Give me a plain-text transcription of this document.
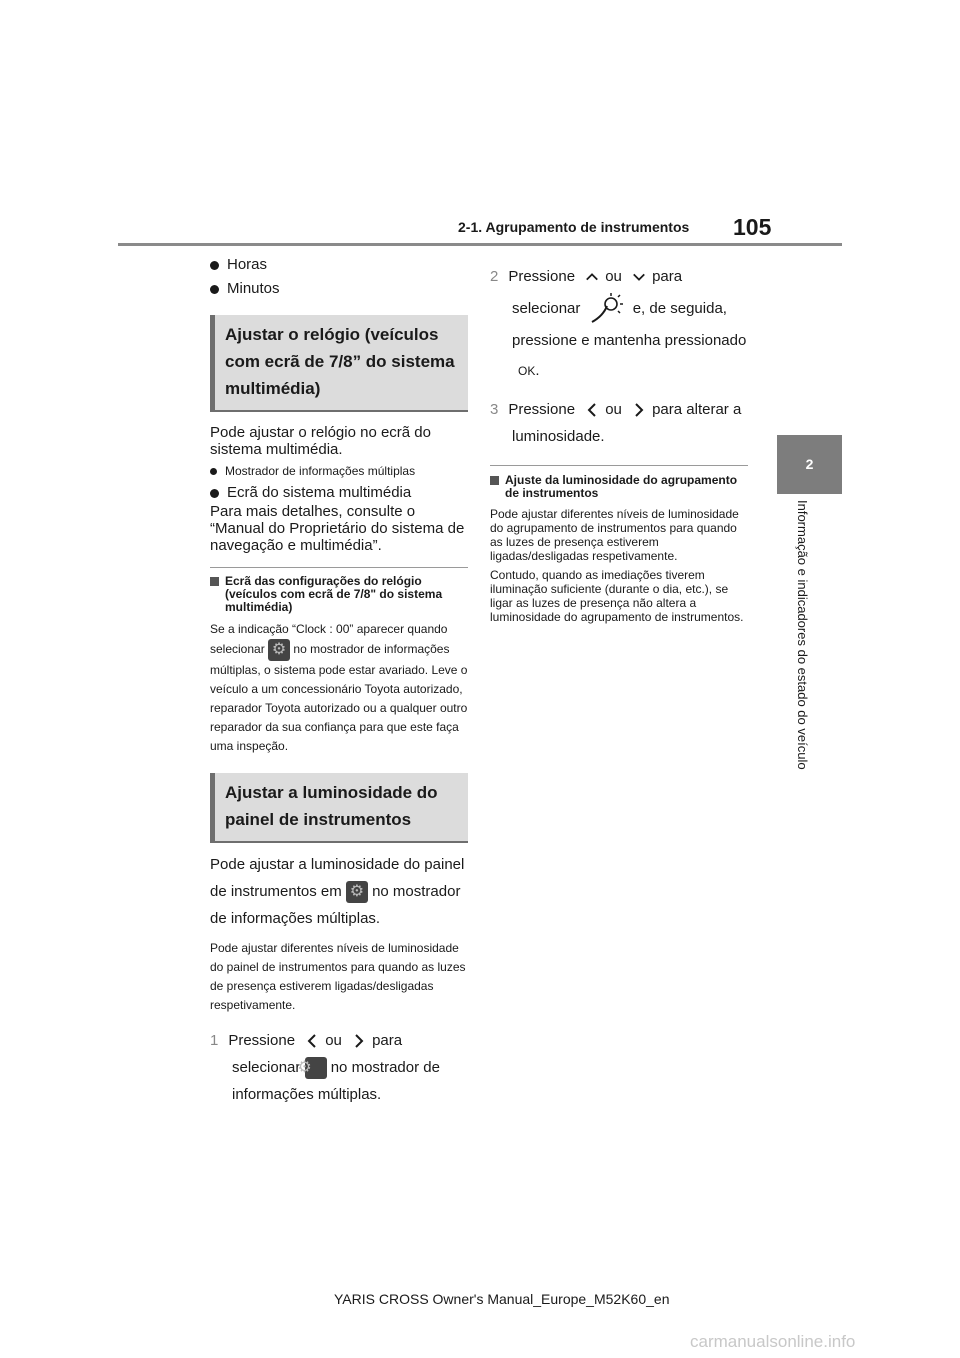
2-1. Agrupamento de instrumentos 105
2
Informação e indicadores do estado do veículo
Horas
Minutos
Ajustar o relógio (veículos com ecrã de 7/8” do sistema multimédia)
Pode ajustar o relógio no ecrã do sistema multimédia.
Mostrador de informações múltiplas
Ecrã do sistema multimédia
Para mais detalhes, consulte o “Manual do Proprietário do sistema de navegação e multimédia”.
Ecrã das configurações do relógio (veículos com ecrã de 7/8" do sistema multimédia)
Se a indicação “Clock : 00” aparecer quando selecionar ⚙ no mostrador de informações múltiplas, o sistema pode estar avariado. Leve o veículo a um concessionário Toyota autorizado, reparador Toyota autorizado ou a qualquer outro reparador da sua confiança para que este faça uma inspeção.
Ajustar a luminosidade do painel de instrumentos
Pode ajustar a luminosidade do painel de instrumentos em ⚙ no mostrador de informações múltiplas.
Pode ajustar diferentes níveis de luminosidade do painel de instrumentos para quando as luzes de presença estiverem ligadas/desligadas respetivamente.
1 Pressione ou para selecionar ⚙ no mostrador de informações múltiplas.
2 Pressione ou para selecionar	e, de seguida, pressione e mantenha pressionado OK.
3 Pressione ou para alterar a luminosidade.
Ajuste da luminosidade do agrupamento de instrumentos
Pode ajustar diferentes níveis de luminosidade do agrupamento de instrumentos para quando as luzes de presença estiverem ligadas/desligadas respetivamente.
Contudo, quando as imediações tiverem iluminação suficiente (durante o dia, etc.), se ligar as luzes de presença não altera a luminosidade do agrupamento de instrumentos.
YARIS CROSS Owner's Manual_Europe_M52K60_en
carmanualsonline.info
